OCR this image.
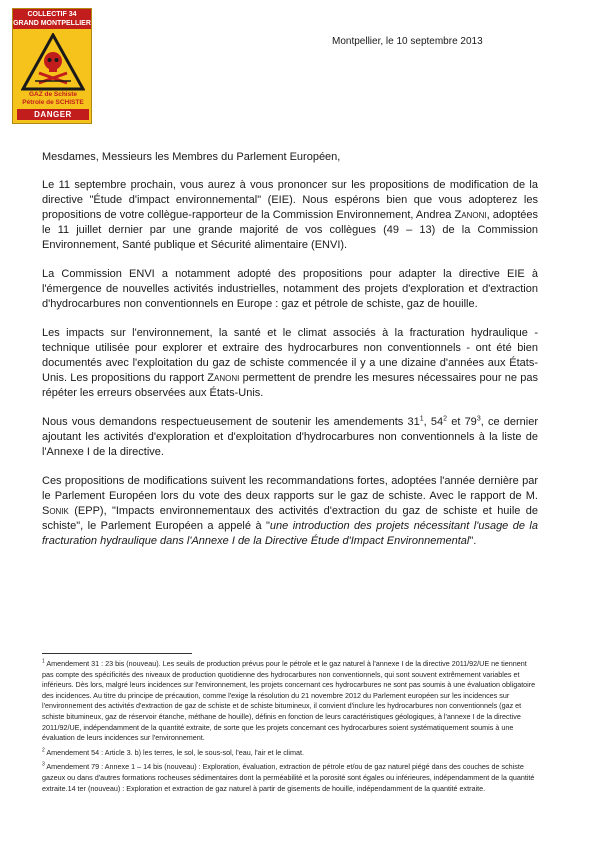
COLLECTIF 34
GRAND MONTPELLIER
GAZ de Schiste
Pétrole de SCHISTE
DANGER
Montpellier, le 10 septembre 2013

Mesdames, Messieurs les Membres du Parlement Européen,

Le 11 septembre prochain, vous aurez à vous prononcer sur les propositions de modification de la directive "Étude d'impact environnemental" (EIE). Nous espérons bien que vous adopterez les propositions de votre collègue-rapporteur de la Commission Environnement, Andrea Zanoni, adoptées le 11 juillet dernier par une grande majorité de vos collègues (49 – 13) de la Commission Environnement, Santé publique et Sécurité alimentaire (ENVI).

La Commission ENVI a notamment adopté des propositions pour adapter la directive EIE à l'émergence de nouvelles activités industrielles, notamment des projets d'exploration et d'extraction d'hydrocarbures non conventionnels en Europe : gaz et pétrole de schiste, gaz de houille.

Les impacts sur l'environnement, la santé et le climat associés à la fracturation hydraulique - technique utilisée pour explorer et extraire des hydrocarbures non conventionnels - ont été bien documentés avec l'exploitation du gaz de schiste commencée il y a une dizaine d'années aux États-Unis. Les propositions du rapport Zanoni permettent de prendre les mesures nécessaires pour ne pas répéter les erreurs observées aux États-Unis.

Nous vous demandons respectueusement de soutenir les amendements $31^1$, $54^2$ et $79^3$, ce dernier ajoutant les activités d'exploration et d'exploitation d'hydrocarbures non conventionnels à la liste de l'Annexe I de la directive.

Ces propositions de modifications suivent les recommandations fortes, adoptées l'année dernière par le Parlement Européen lors du vote des deux rapports sur le gaz de schiste. Avec le rapport de M. Sonik (EPP), "Impacts environnementaux des activités d'extraction du gaz de schiste et huile de schiste", le Parlement Européen a appelé à "une introduction des projets nécessitant l'usage de la fracturation hydraulique dans l'Annexe I de la Directive Étude d'Impact Environnemental".

$^1$ Amendement 31 : 23 bis (nouveau). Les seuils de production prévus pour le pétrole et le gaz naturel à l'annexe I de la directive 2011/92/UE ne tiennent pas compte des spécificités des niveaux de production quotidienne des hydrocarbures non conventionnels, qui sont souvent extrêmement variables et inférieurs. Dès lors, malgré leurs incidences sur l'environnement, les projets concernant ces hydrocarbures ne sont pas soumis à une évaluation obligatoire des incidences. Au titre du principe de précaution, comme l'exige la résolution du 21 novembre 2012 du Parlement européen sur les incidences sur l'environnement des activités d'extraction de gaz de schiste et de schiste bitumineux, il convient d'inclure les hydrocarbures non conventionnels (gaz et schiste bitumineux, gaz de réservoir étanche, méthane de houille), définis en fonction de leurs caractéristiques géologiques, à l'annexe I de la directive 2011/92/UE, indépendamment de la quantité extraite, de sorte que les projets concernant ces hydrocarbures soient systématiquement soumis à une évaluation de leurs incidences sur l'environnement.
$^2$ Amendement 54 : Article 3. b) les terres, le sol, le sous-sol, l'eau, l'air et le climat.
$^3$ Amendement 79 : Annexe 1 – 14 bis (nouveau) : Exploration, évaluation, extraction de pétrole et/ou de gaz naturel piégé dans des couches de schiste gazeux ou dans d'autres formations rocheuses sédimentaires dont la perméabilité et la porosité sont égales ou inférieures, indépendamment de la quantité extraite.14 ter (nouveau) : Exploration et extraction de gaz naturel à partir de gisements de houille, indépendamment de la quantité extraite.
